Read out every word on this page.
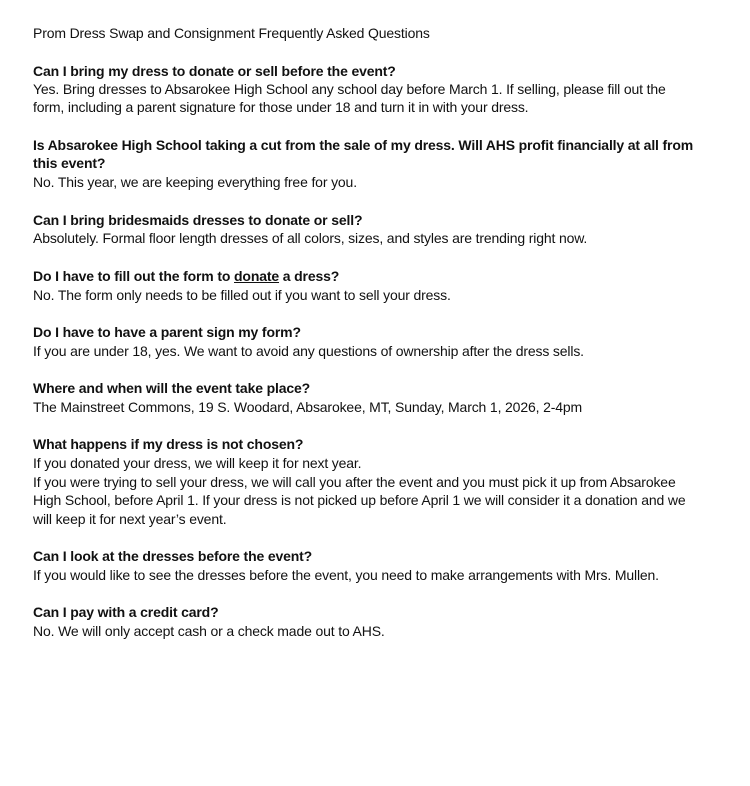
Prom Dress Swap and Consignment Frequently Asked Questions
Can I bring my dress to donate or sell before the event?
Yes. Bring dresses to Absarokee High School any school day before March 1. If selling, please fill out the
form, including a parent signature for those under 18 and turn it in with your dress.
Is Absarokee High School taking a cut from the sale of my dress. Will AHS profit financially at all from
this event?
No. This year, we are keeping everything free for you.
Can I bring bridesmaids dresses to donate or sell?
Absolutely. Formal floor length dresses of all colors, sizes, and styles are trending right now.
Do I have to fill out the form to donate a dress?
No. The form only needs to be filled out if you want to sell your dress.
Do I have to have a parent sign my form?
If you are under 18, yes. We want to avoid any questions of ownership after the dress sells.
Where and when will the event take place?
The Mainstreet Commons, 19 S. Woodard, Absarokee, MT, Sunday, March 1, 2026, 2-4pm
What happens if my dress is not chosen?
If you donated your dress, we will keep it for next year.
If you were trying to sell your dress, we will call you after the event and you must pick it up from Absarokee
High School, before April 1. If your dress is not picked up before April 1 we will consider it a donation and we
will keep it for next year’s event.
Can I look at the dresses before the event?
If you would like to see the dresses before the event, you need to make arrangements with Mrs. Mullen.
Can I pay with a credit card?
No. We will only accept cash or a check made out to AHS.
